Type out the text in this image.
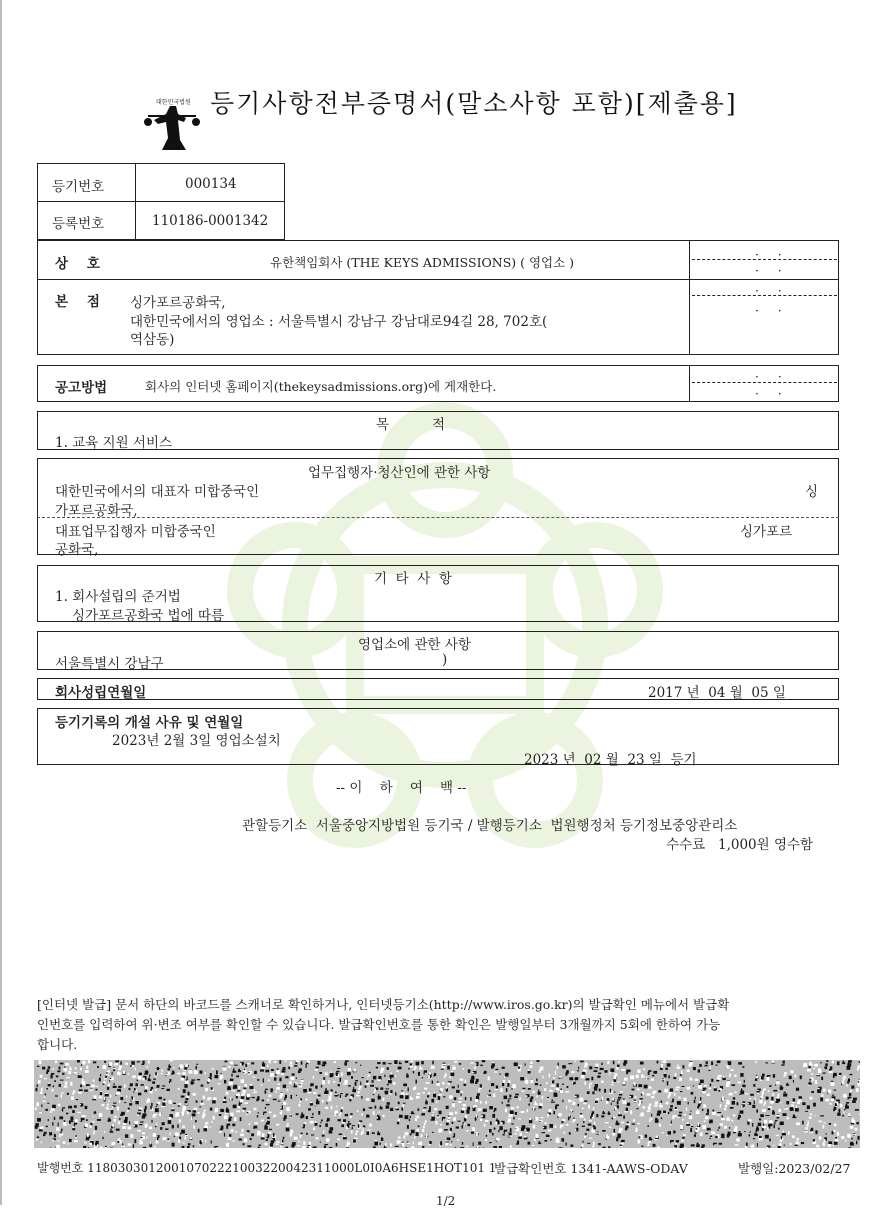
대한민국법원 등기사항전부증명서(말소사항 포함)[제출용]
등기번호	000134
등록번호	110186-0001342
상    호	유한책임회사 (THE KEYS ADMISSIONS) ( 영업소 )
본    점 싱가포르공화국,
대한민국에서의 영업소 : 서울특별시 강남구 강남대로94길 28, 702호(
역삼동)
·     ·
·     ·
·     ·
·     ·
공고방법	회사의 인터넷 홈페이지(thekeysadmissions.org)에 게재한다.
·     ·
·     ·
목          적
1. 교육 지원 서비스
업무집행자·청산인에 관한 사항
대한민국에서의 대표자 미합중국인	싱
가포르공화국,
대표업무집행자 미합중국인	싱가포르
공화국,
기  타  사  항
1. 회사설립의 준거법
싱가포르공화국 법에 따름
영업소에 관한 사항
서울특별시 강남구	)
회사성립연월일	2017 년  04 월  05 일
등기기록의 개설 사유 및 연월일
2023년 2월 3일 영업소설치
2023 년  02 월  23 일  등기
-- 이    하    여    백 --
관할등기소  서울중앙지방법원 등기국 / 발행등기소  법원행정처 등기정보중앙관리소
수수료   1,000원 영수함
[인터넷 발급] 문서 하단의 바코드를 스캐너로 확인하거나, 인터넷등기소(http://www.iros.go.kr)의 발급확인 메뉴에서 발급확
인번호를 입력하여 위·변조 여부를 확인할 수 있습니다. 발급확인번호를 통한 확인은 발행일부터 3개월까지 5회에 한하여 가능
합니다.
발행번호 11803030120010702221003220042311000L0I0A6HSE1HOT101 1
발급확인번호 1341-AAWS-ODAV	발행일:2023/02/27
1/2
